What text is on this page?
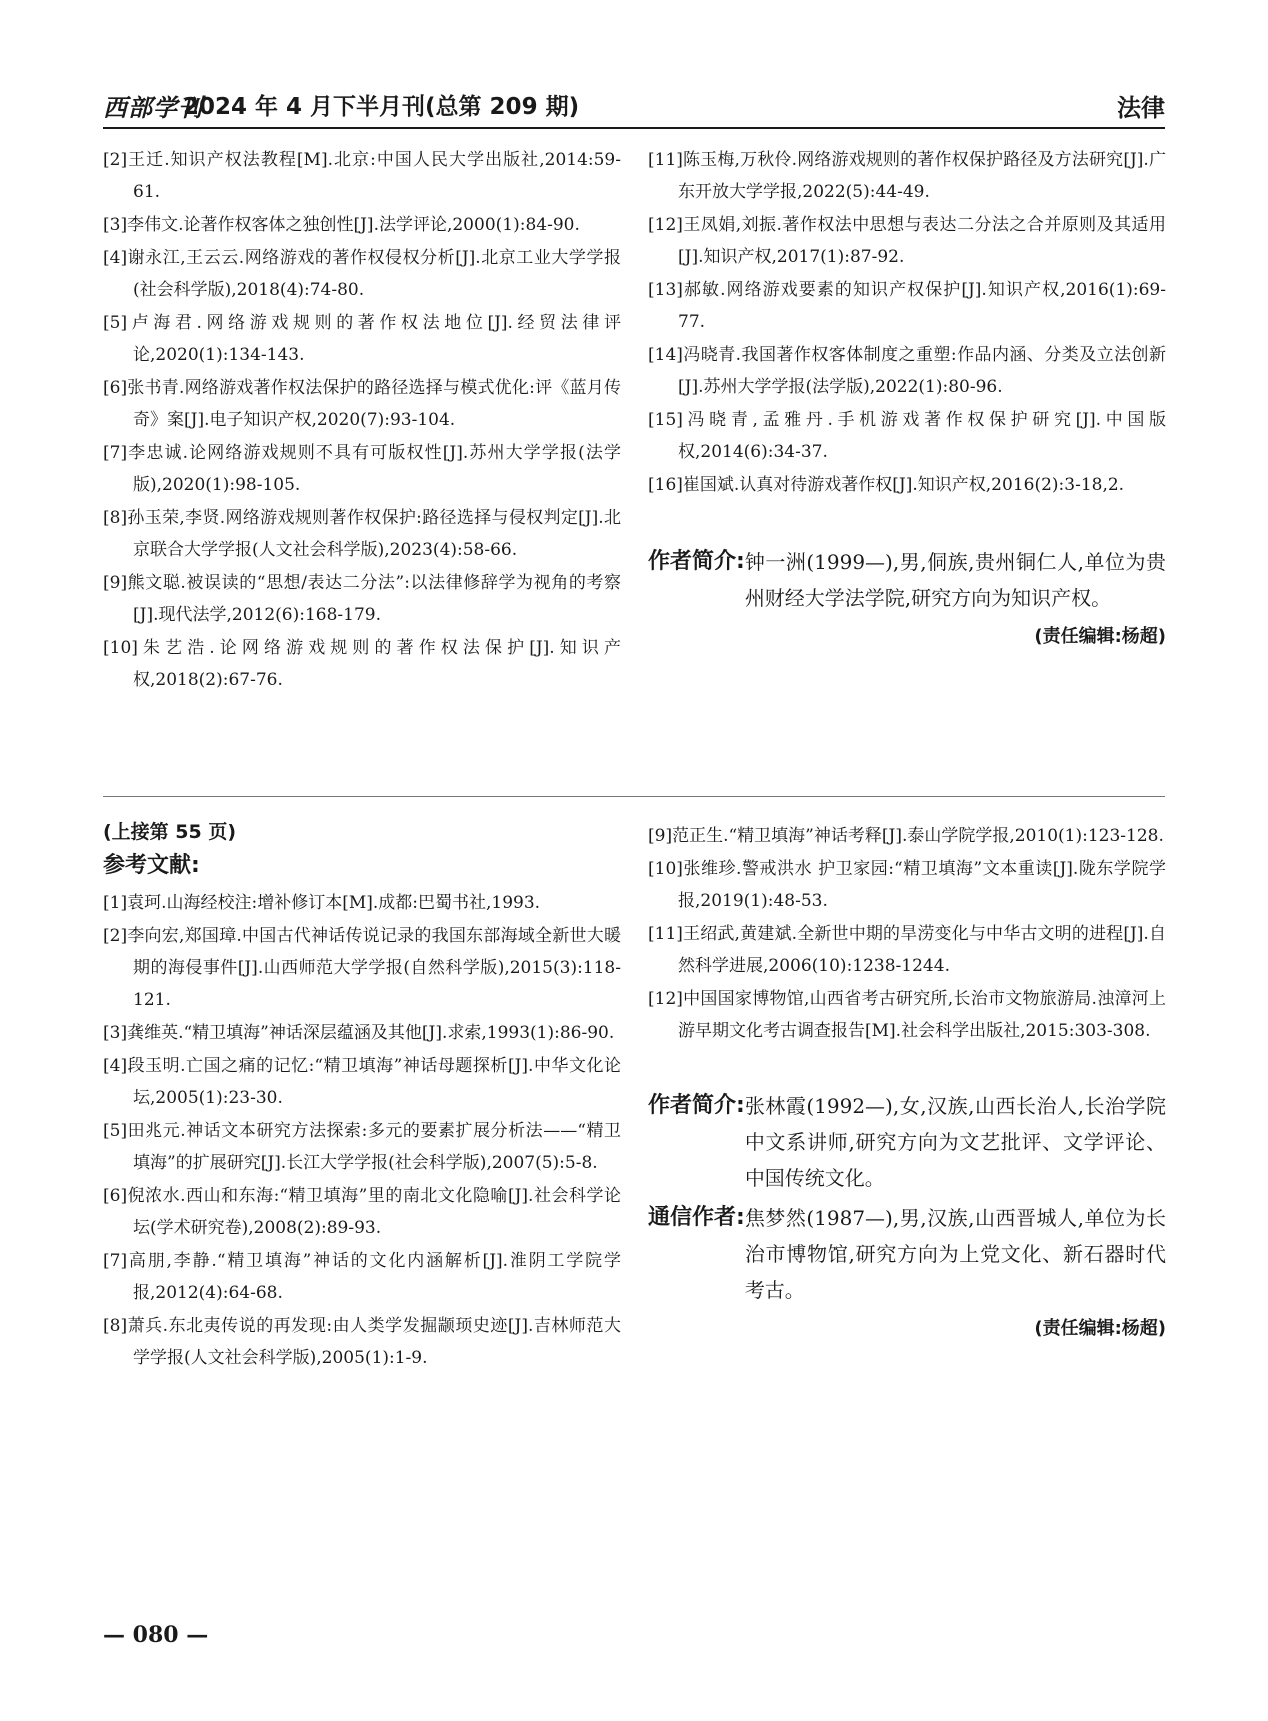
西部学刊
2024 年 4 月下半月刊(总第 209 期)	法律

[2]王迁.知识产权法教程[M].北京:中国人民大学出版社,2014:59-61.

[3]李伟文.论著作权客体之独创性[J].法学评论,2000(1):84-90.

[4]谢永江,王云云.网络游戏的著作权侵权分析[J].北京工业大学学报(社会科学版),2018(4):74-80.

[5]卢海君.网络游戏规则的著作权法地位[J].经贸法律评论,2020(1):134-143.

[6]张书青.网络游戏著作权法保护的路径选择与模式优化:评《蓝月传奇》案[J].电子知识产权,2020(7):93-104.

[7]李忠诚.论网络游戏规则不具有可版权性[J].苏州大学学报(法学版),2020(1):98-105.

[8]孙玉荣,李贤.网络游戏规则著作权保护:路径选择与侵权判定[J].北京联合大学学报(人文社会科学版),2023(4):58-66.

[9]熊文聪.被误读的“思想/表达二分法”:以法律修辞学为视角的考察[J].现代法学,2012(6):168-179.

[10]朱艺浩.论网络游戏规则的著作权法保护[J].知识产权,2018(2):67-76.

[11]陈玉梅,万秋伶.网络游戏规则的著作权保护路径及方法研究[J].广东开放大学学报,2022(5):44-49.

[12]王凤娟,刘振.著作权法中思想与表达二分法之合并原则及其适用[J].知识产权,2017(1):87-92.

[13]郝敏.网络游戏要素的知识产权保护[J].知识产权,2016(1):69-77.

[14]冯晓青.我国著作权客体制度之重塑:作品内涵、分类及立法创新[J].苏州大学学报(法学版),2022(1):80-96.

[15]冯晓青,孟雅丹.手机游戏著作权保护研究[J].中国版权,2014(6):34-37.

[16]崔国斌.认真对待游戏著作权[J].知识产权,2016(2):3-18,2.

作者简介: 钟一洲(1999—),男,侗族,贵州铜仁人,单位为贵州财经大学法学院,研究方向为知识产权。
(责任编辑:杨超)
(上接第 55 页)
参考文献:

[1]袁珂.山海经校注:增补修订本[M].成都:巴蜀书社,1993.

[2]李向宏,郑国璋.中国古代神话传说记录的我国东部海域全新世大暖期的海侵事件[J].山西师范大学学报(自然科学版),2015(3):118-121.

[3]龚维英.“精卫填海”神话深层蕴涵及其他[J].求索,1993(1):86-90.

[4]段玉明.亡国之痛的记忆:“精卫填海”神话母题探析[J].中华文化论坛,2005(1):23-30.

[5]田兆元.神话文本研究方法探索:多元的要素扩展分析法——“精卫填海”的扩展研究[J].长江大学学报(社会科学版),2007(5):5-8.

[6]倪浓水.西山和东海:“精卫填海”里的南北文化隐喻[J].社会科学论坛(学术研究卷),2008(2):89-93.

[7]高朋,李静.“精卫填海”神话的文化内涵解析[J].淮阴工学院学报,2012(4):64-68.

[8]萧兵.东北夷传说的再发现:由人类学发掘颛顼史迹[J].吉林师范大学学报(人文社会科学版),2005(1):1-9.

[9]范正生.“精卫填海”神话考释[J].泰山学院学报,2010(1):123-128.

[10]张维珍.警戒洪水 护卫家园:“精卫填海”文本重读[J].陇东学院学报,2019(1):48-53.

[11]王绍武,黄建斌.全新世中期的旱涝变化与中华古文明的进程[J].自然科学进展,2006(10):1238-1244.

[12]中国国家博物馆,山西省考古研究所,长治市文物旅游局.浊漳河上游早期文化考古调查报告[M].社会科学出版社,2015:303-308.

作者简介: 张林霞(1992—),女,汉族,山西长治人,长治学院中文系讲师,研究方向为文艺批评、文学评论、中国传统文化。
通信作者: 焦梦然(1987—),男,汉族,山西晋城人,单位为长治市博物馆,研究方向为上党文化、新石器时代考古。
(责任编辑:杨超)
— 080 —
